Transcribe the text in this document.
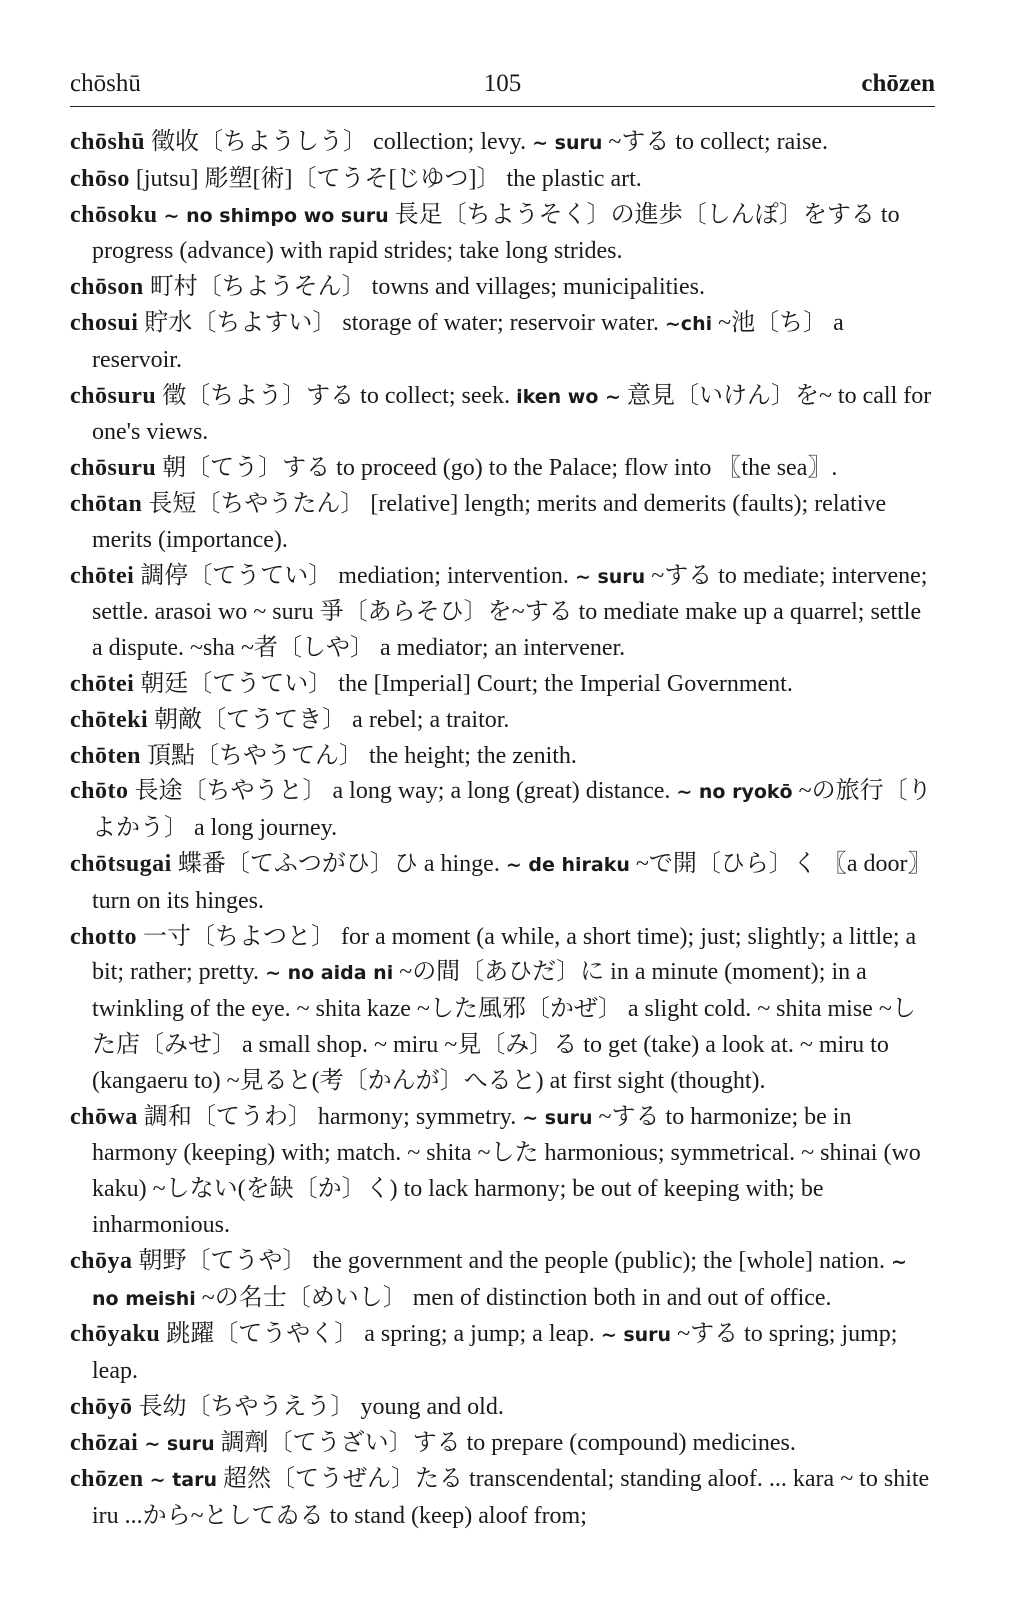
chōshū	105	chōzen
chōshū 徵收〔ちようしう〕 collection; levy. ~ suru ~する to collect; raise.
chōso [jutsu] 彫塑[術]〔てうそ[じゆつ]〕 the plastic art.
chōsoku ~ no shimpo wo suru 長足〔ちようそく〕の進歩〔しんぽ〕をする to progress (advance) with rapid strides; take long strides.
chōson 町村〔ちようそん〕 towns and villages; municipalities.
chosui 貯水〔ちよすい〕 storage of water; reservoir water. ~chi ~池〔ち〕 a reservoir.
chōsuru 徵〔ちよう〕する to collect; seek. iken wo ~ 意見〔いけん〕を~ to call for one's views.
chōsuru 朝〔てう〕する to proceed (go) to the Palace; flow into 〖the sea〗.
chōtan 長短〔ちやうたん〕 [relative] length; merits and demerits (faults); relative merits (importance).
chōtei 調停〔てうてい〕 mediation; intervention. ~ suru ~する to mediate; intervene; settle. arasoi wo ~ suru 爭〔あらそひ〕を~する to mediate make up a quarrel; settle a dispute. ~sha ~者〔しや〕 a mediator; an intervener.
chōtei 朝廷〔てうてい〕 the [Imperial] Court; the Imperial Government.
chōteki 朝敵〔てうてき〕 a rebel; a traitor.
chōten 頂點〔ちやうてん〕 the height; the zenith.
chōto 長途〔ちやうと〕 a long way; a long (great) distance. ~ no ryokō ~の旅行〔りよかう〕 a long journey.
chōtsugai 蝶番〔てふつがひ〕ひ a hinge. ~ de hiraku ~で開〔ひら〕く 〖a door〗 turn on its hinges.
chotto 一寸〔ちよつと〕 for a moment (a while, a short time); just; slightly; a little; a bit; rather; pretty. ~ no aida ni ~の間〔あひだ〕に in a minute (moment); in a twinkling of the eye. ~ shita kaze ~した風邪〔かぜ〕 a slight cold. ~ shita mise ~した店〔みせ〕 a small shop. ~ miru ~見〔み〕る to get (take) a look at. ~ miru to (kangaeru to) ~見ると(考〔かんが〕へると) at first sight (thought).
chōwa 調和〔てうわ〕 harmony; symmetry. ~ suru ~する to harmonize; be in harmony (keeping) with; match. ~ shita ~した harmonious; symmetrical. ~ shinai (wo kaku) ~しない(を缺〔か〕く) to lack harmony; be out of keeping with; be inharmonious.
chōya 朝野〔てうや〕 the government and the people (public); the [whole] nation. ~ no meishi ~の名士〔めいし〕 men of distinction both in and out of office.
chōyaku 跳躍〔てうやく〕 a spring; a jump; a leap. ~ suru ~する to spring; jump; leap.
chōyō 長幼〔ちやうえう〕 young and old.
chōzai ~ suru 調劑〔てうざい〕する to prepare (compound) medicines.
chōzen ~ taru 超然〔てうぜん〕たる transcendental; standing aloof. ... kara ~ to shite iru ...から~としてゐる to stand (keep) aloof from;
